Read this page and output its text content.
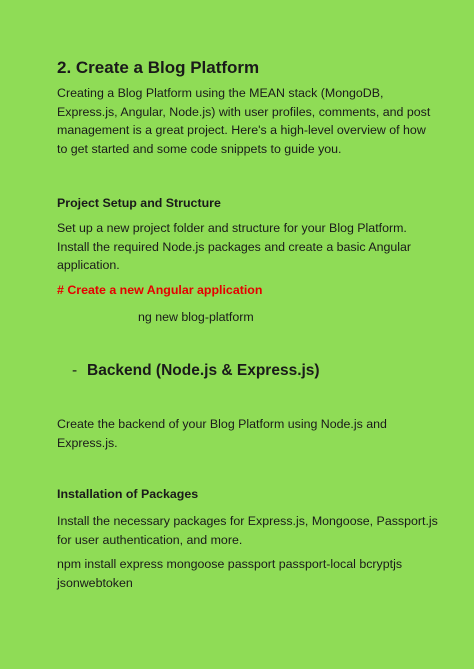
2. Create a Blog Platform
Creating a Blog Platform using the MEAN stack (MongoDB,
Express.js, Angular, Node.js) with user profiles, comments, and post
management is a great project. Here's a high-level overview of how
to get started and some code snippets to guide you.
Project Setup and Structure
Set up a new project folder and structure for your Blog Platform.
Install the required Node.js packages and create a basic Angular
application.
# Create a new Angular application
ng new blog-platform
- Backend (Node.js & Express.js)
Create the backend of your Blog Platform using Node.js and
Express.js.
Installation of Packages
Install the necessary packages for Express.js, Mongoose, Passport.js
for user authentication, and more.
npm install express mongoose passport passport-local bcryptjs
jsonwebtoken
